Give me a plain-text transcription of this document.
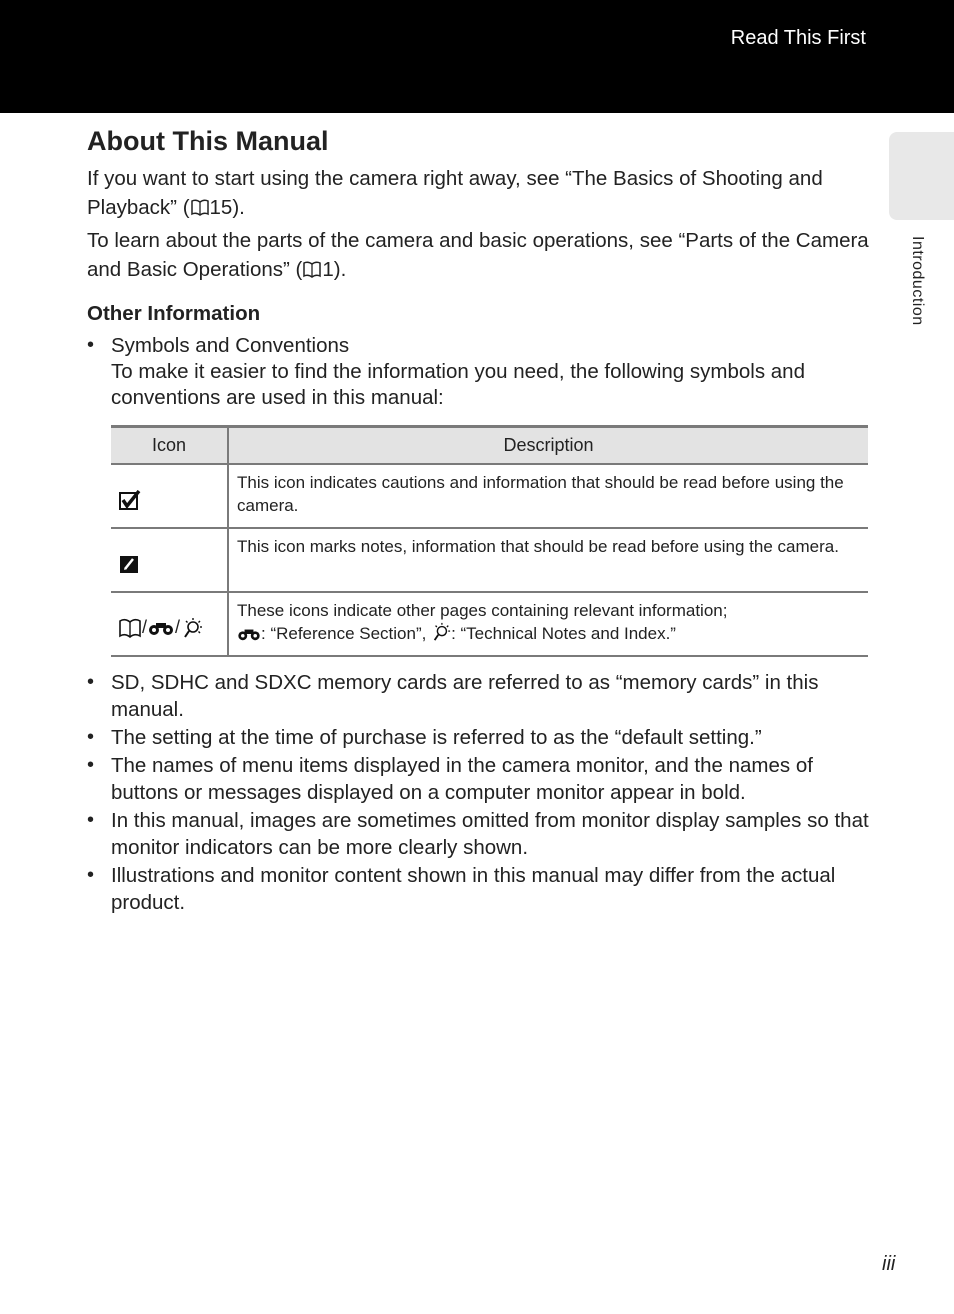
Read This First
Introduction
About This Manual

If you want to start using the camera right away, see “The Basics of Shooting and Playback” ( 15).

To learn about the parts of the camera and basic operations, see “Parts of the Camera and Basic Operations” ( 1).

Other Information
• Symbols and Conventions
To make it easier to find the information you need, the following symbols and conventions are used in this manual:
Icon	Description
	This icon indicates cautions and information that should be read before using the camera.
	This icon marks notes, information that should be read before using the camera.
/ /	These icons indicate other pages containing relevant information;
: “Reference Section”, : “Technical Notes and Index.”
• SD, SDHC and SDXC memory cards are referred to as “memory cards” in this manual.
• The setting at the time of purchase is referred to as the “default setting.”
• The names of menu items displayed in the camera monitor, and the names of buttons or messages displayed on a computer monitor appear in bold.
• In this manual, images are sometimes omitted from monitor display samples so that monitor indicators can be more clearly shown.
• Illustrations and monitor content shown in this manual may differ from the actual product.
iii
